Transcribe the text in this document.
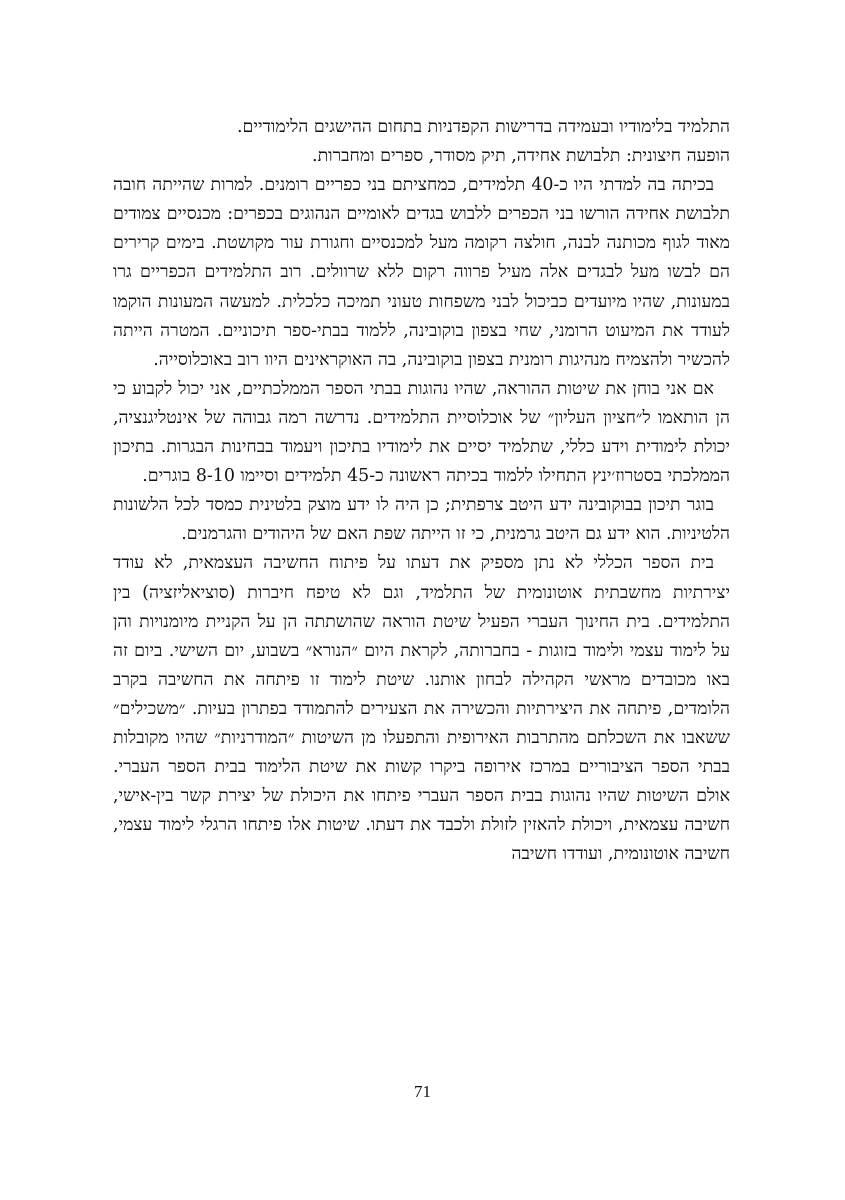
התלמיד בלימודיו ובעמידה בדרישות הקפדניות בתחום ההישגים הלימודיים.

הופעה חיצונית: תלבושת אחידה, תיק מסודר, ספרים ומחברות.

בכיתה בה למדתי היו כ-40 תלמידים, כמחציתם בני כפריים רומנים. למרות שהייתה חובה תלבושת אחידה הורשו בני הכפרים ללבוש בגדים לאומיים הנהוגים בכפרים: מכנסיים צמודים מאוד לגוף מכותנה לבנה, חולצה רקומה מעל למכנסיים וחגורת עור מקושטת. בימים קרירים הם לבשו מעל לבגדים אלה מעיל פרווה רקום ללא שרוולים. רוב התלמידים הכפריים גרו במעונות, שהיו מיועדים כביכול לבני משפחות טעוני תמיכה כלכלית. למעשה המעונות הוקמו לעודד את המיעוט הרומני, שחי בצפון בוקובינה, ללמוד בבתי-ספר תיכוניים. המטרה הייתה להכשיר ולהצמיח מנהיגות רומנית בצפון בוקובינה, בה האוקראינים היוו רוב באוכלוסייה.

אם אני בוחן את שיטות ההוראה, שהיו נהוגות בבתי הספר הממלכתיים, אני יכול לקבוע כי הן הותאמו ל״חציון העליון״ של אוכלוסיית התלמידים. נדרשה רמה גבוהה של אינטליגנציה, יכולת לימודית וידע כללי, שתלמיד יסיים את לימודיו בתיכון ויעמוד בבחינות הבגרות. בתיכון הממלכתי בסטרוז׳ינץ התחילו ללמוד בכיתה ראשונה כ-45 תלמידים וסיימו 8-10 בוגרים.

בוגר תיכון בבוקובינה ידע היטב צרפתית; כן היה לו ידע מוצק בלטינית כמסד לכל הלשונות הלטיניות. הוא ידע גם היטב גרמנית, כי זו הייתה שפת האם של היהודים והגרמנים.

בית הספר הכללי לא נתן מספיק את דעתו על פיתוח החשיבה העצמאית, לא עודד יצירתיות מחשבתית אוטונומית של התלמיד, וגם לא טיפח חיברות (סוציאליזציה) בין התלמידים. בית החינוך העברי הפעיל שיטת הוראה שהושתתה הן על הקניית מיומנויות והן על לימוד עצמי ולימוד בזוגות - בחברותה, לקראת היום ״הנורא״ בשבוע, יום השישי. ביום זה באו מכובדים מראשי הקהילה לבחון אותנו. שיטת לימוד זו פיתחה את החשיבה בקרב הלומדים, פיתחה את היצירתיות והכשירה את הצעירים להתמודד בפתרון בעיות. ״משכילים״ ששאבו את השכלתם מהתרבות האירופית והתפעלו מן השיטות ״המודרניות״ שהיו מקובלות בבתי הספר הציבוריים במרכז אירופה ביקרו קשות את שיטת הלימוד בבית הספר העברי. אולם השיטות שהיו נהוגות בבית הספר העברי פיתחו את היכולת של יצירת קשר בין-אישי, חשיבה עצמאית, ויכולת להאזין לזולת ולכבד את דעתו. שיטות אלו פיתחו הרגלי לימוד עצמי, חשיבה אוטונומית, ועודדו חשיבה

71
